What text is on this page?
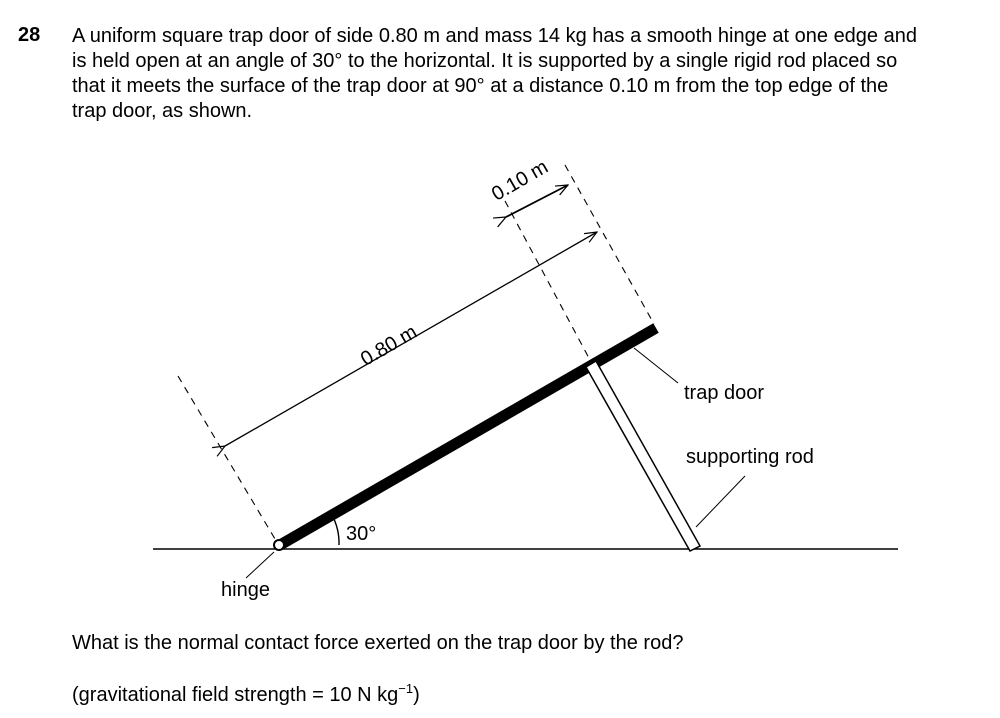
28 A uniform square trap door of side 0.80 m and mass 14 kg has a smooth hinge at one edge and
is held open at an angle of 30° to the horizontal. It is supported by a single rigid rod placed so
that it meets the surface of the trap door at 90° at a distance 0.10 m from the top edge of the
trap door, as shown.
0.80 m
0.10 m
30°
trap door
supporting rod
hinge
What is the normal contact force exerted on the trap door by the rod?
(gravitational field strength = 10 N $kg^{-1}$)
